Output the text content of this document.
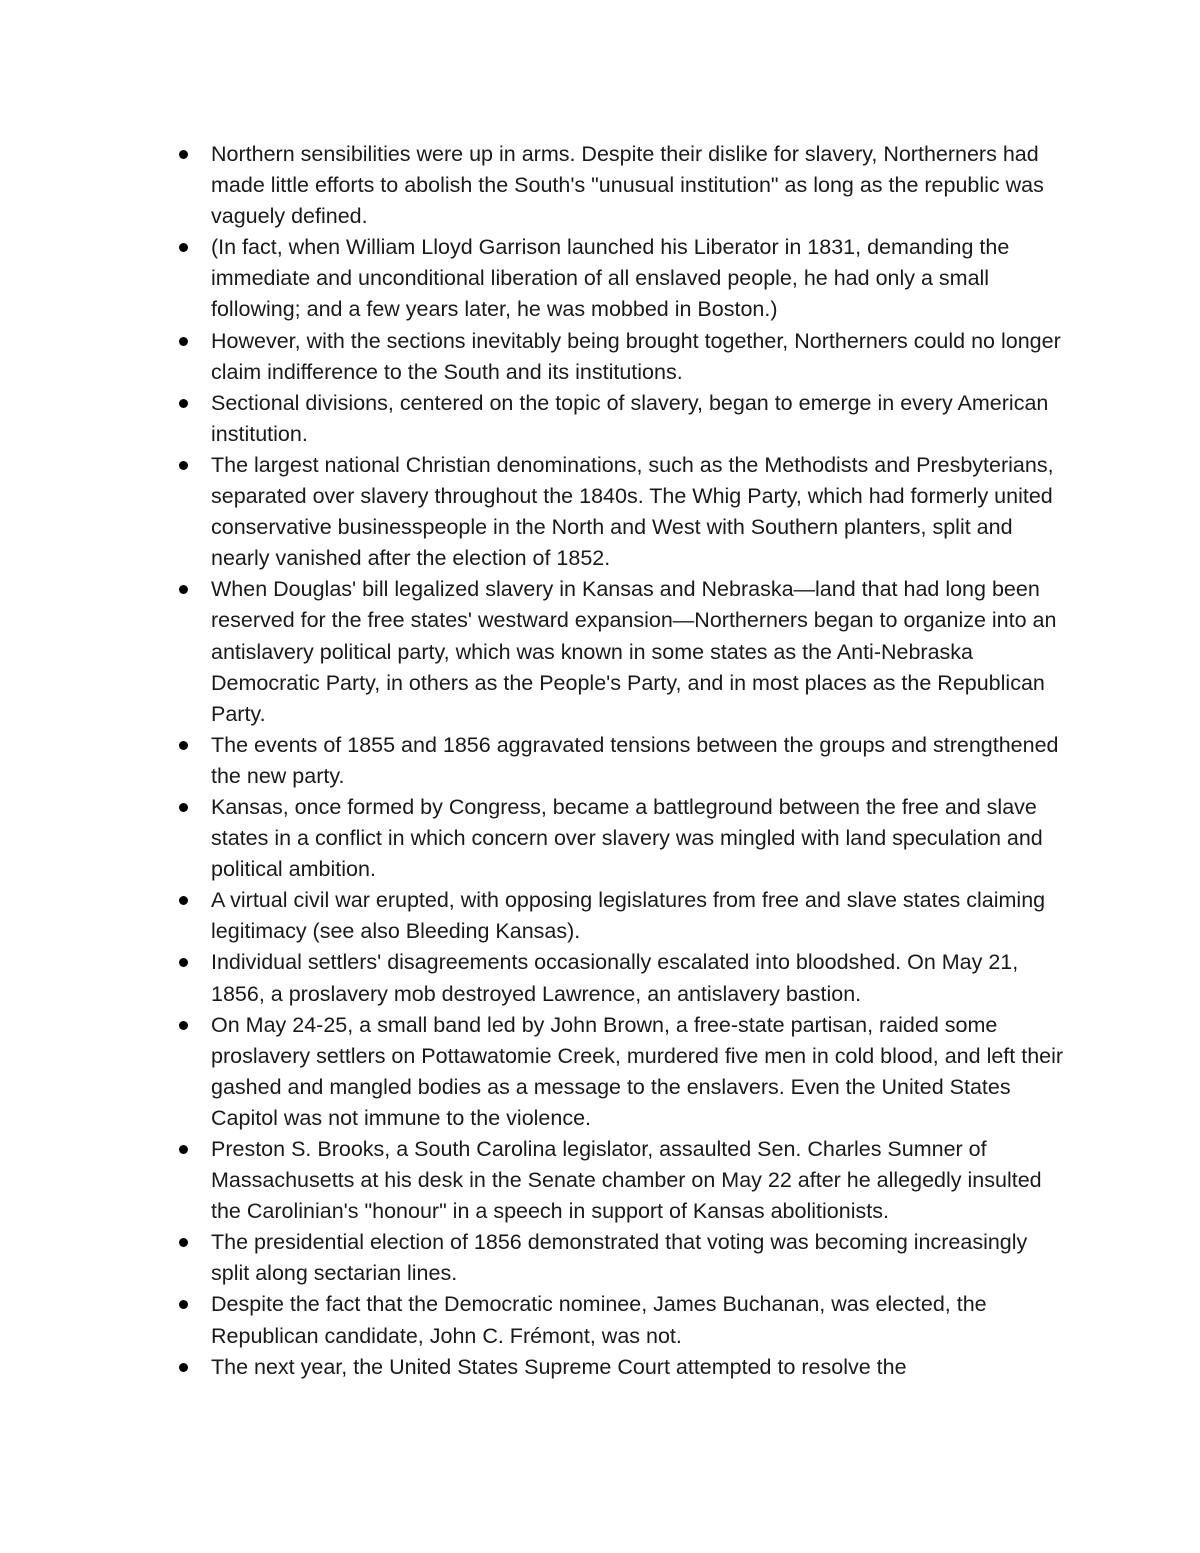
Northern sensibilities were up in arms. Despite their dislike for slavery, Northerners had made little efforts to abolish the South's "unusual institution" as long as the republic was vaguely defined.
(In fact, when William Lloyd Garrison launched his Liberator in 1831, demanding the immediate and unconditional liberation of all enslaved people, he had only a small following; and a few years later, he was mobbed in Boston.)
However, with the sections inevitably being brought together, Northerners could no longer claim indifference to the South and its institutions.
Sectional divisions, centered on the topic of slavery, began to emerge in every American institution.
The largest national Christian denominations, such as the Methodists and Presbyterians, separated over slavery throughout the 1840s. The Whig Party, which had formerly united conservative businesspeople in the North and West with Southern planters, split and nearly vanished after the election of 1852.
When Douglas' bill legalized slavery in Kansas and Nebraska—land that had long been reserved for the free states' westward expansion—Northerners began to organize into an antislavery political party, which was known in some states as the Anti-Nebraska Democratic Party, in others as the People's Party, and in most places as the Republican Party.
The events of 1855 and 1856 aggravated tensions between the groups and strengthened the new party.
Kansas, once formed by Congress, became a battleground between the free and slave states in a conflict in which concern over slavery was mingled with land speculation and political ambition.
A virtual civil war erupted, with opposing legislatures from free and slave states claiming legitimacy (see also Bleeding Kansas).
Individual settlers' disagreements occasionally escalated into bloodshed. On May 21, 1856, a proslavery mob destroyed Lawrence, an antislavery bastion.
On May 24-25, a small band led by John Brown, a free-state partisan, raided some proslavery settlers on Pottawatomie Creek, murdered five men in cold blood, and left their gashed and mangled bodies as a message to the enslavers. Even the United States Capitol was not immune to the violence.
Preston S. Brooks, a South Carolina legislator, assaulted Sen. Charles Sumner of Massachusetts at his desk in the Senate chamber on May 22 after he allegedly insulted the Carolinian's "honour" in a speech in support of Kansas abolitionists.
The presidential election of 1856 demonstrated that voting was becoming increasingly split along sectarian lines.
Despite the fact that the Democratic nominee, James Buchanan, was elected, the Republican candidate, John C. Frémont, was not.
The next year, the United States Supreme Court attempted to resolve the
